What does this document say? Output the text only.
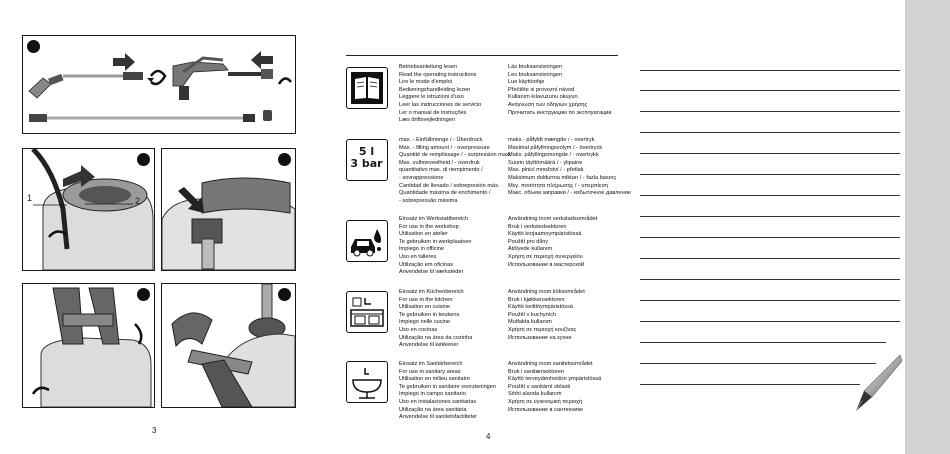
1	2
3
5 l
3 bar
Betriebsanleitung lesen
Read the operating instructions
Lire le mode d'emploi
Bedieningshandleiding lezen
Leggere le istruzioni d'uso
Leer las instrucciones de servicio
Ler o manual de instruções
Læs driftsvejledningen
Läs bruksanvisningen
Les bruksanvisningen
Lue käyttöohje
Přečtěte si provozní návod
Kullanım kılavuzunu okuyun
Ανάγνωση των οδηγιών χρήσης
Прочитать инструкцию по эксплуатации
max. - Einfüllmenge / - Überdruck
Max. - filling amount / - overpressure
Quantité de remplissage / - surpression maxi
Max. vulhoeveelheid / - overdruk
quantitativo max. di riempimento /
- sovrappressione
Cantidad de llenado / sobrepresión máx.
Quantidade máxima de enchimento /
- sobrepressão máxima
maks.- påfyldt mængde / - overtryk
Maximal påfyllningsvolym / - övertryck
Maks. påfyllingsmengde / - overtrykk
Suurin täyttömäärä / - ylipaine
Max. plnicí množství / - přetlak
Maksimum doldurma miktarı / - fazla basınç
Μεγ. ποσότητα πλήρωσης / - υπερπίεση
Макс. объем заправки / - избыточное давление
Einsatz im Werkstattbereich
For use in the workshop
Utilisation en atelier
Te gebruiken in werkplaatsen
Impiego in officine
Uso en talleres
Utilização em oficinas
Anvendelse til værksteder
Användning inom verkstadsområdet
Bruk i verkstedsektoren
Käyttö korjaamoympäristössä
Použití pro dílny
Atölyede kullanım
Χρήση σε περιοχή συνεργείου
Использование в мастерской
Einsatz im Küchenbereich
For use in the kitchen
Utilisation en cuisine
Te gebruiken in keukens
Impiego nelle cucine
Uso en cocinas
Utilização na área da cozinha
Anvendelse til køkkener
Användning inom köksområdet
Bruk i kjøkkensektoren
Käyttö keittiöympäristössä
Použití v kuchyních
Mutfakta kullanım
Χρήση σε περιοχή κουζίνας
Использование на кухне
Einsatz im Sanitärbereich
For use in sanitary areas
Utilisation en milieu sanitaire
Te gebruiken in sanitaire voorzieningen
Impiego in campo sanitario
Uso en instalaciones sanitarias
Utilização na área sanitária
Anvendelse til sanitetsfaciliteter
Användning inom sanitetsområdet
Bruk i sanitærsektoren
Käyttö terveydenhoidon ympäristössä
Použití v sanitární oblasti
Sıhhi alanda kullanım
Χρήση σε υγιεινομική περιοχή
Использование в сантехнике
4
